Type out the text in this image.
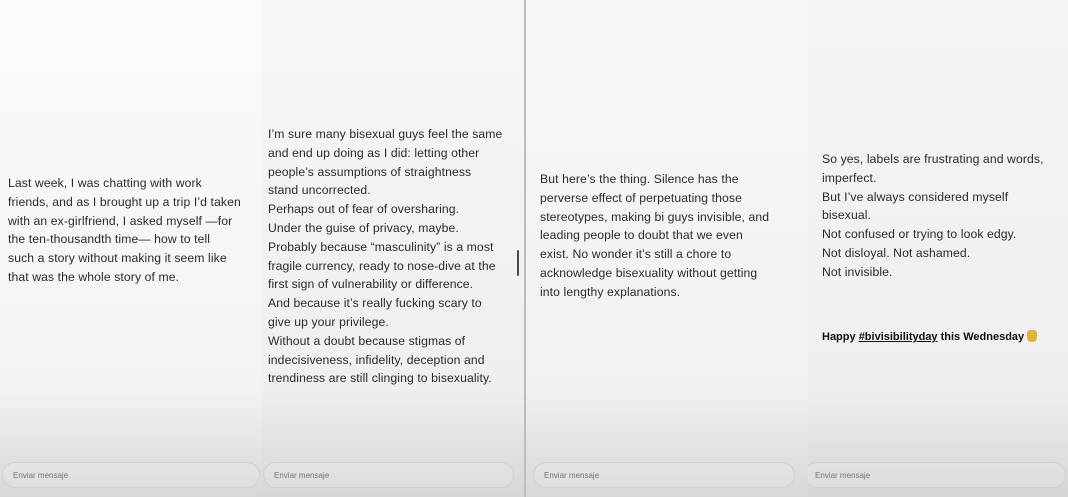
Last week, I was chatting with work
friends, and as I brought up a trip I’d taken
with an ex-girlfriend, I asked myself —for
the ten-thousandth time— how to tell
such a story without making it seem like
that was the whole story of me.
Enviar mensaje
I’m sure many bisexual guys feel the same
and end up doing as I did: letting other
people’s assumptions of straightness
stand uncorrected.
Perhaps out of fear of oversharing.
Under the guise of privacy, maybe.
Probably because “masculinity” is a most
fragile currency, ready to nose-dive at the
first sign of vulnerability or difference.
And because it’s really fucking scary to
give up your privilege.
Without a doubt because stigmas of
indecisiveness, infidelity, deception and
trendiness are still clinging to bisexuality.
Enviar mensaje
But here’s the thing. Silence has the
perverse effect of perpetuating those
stereotypes, making bi guys invisible, and
leading people to doubt that we even
exist. No wonder it’s still a chore to
acknowledge bisexuality without getting
into lengthy explanations.
Enviar mensaje
So yes, labels are frustrating and words,
imperfect.
But I’ve always considered myself
bisexual.
Not confused or trying to look edgy.
Not disloyal. Not ashamed.
Not invisible.
Happy #bivisibilityday this Wednesday
Enviar mensaje
